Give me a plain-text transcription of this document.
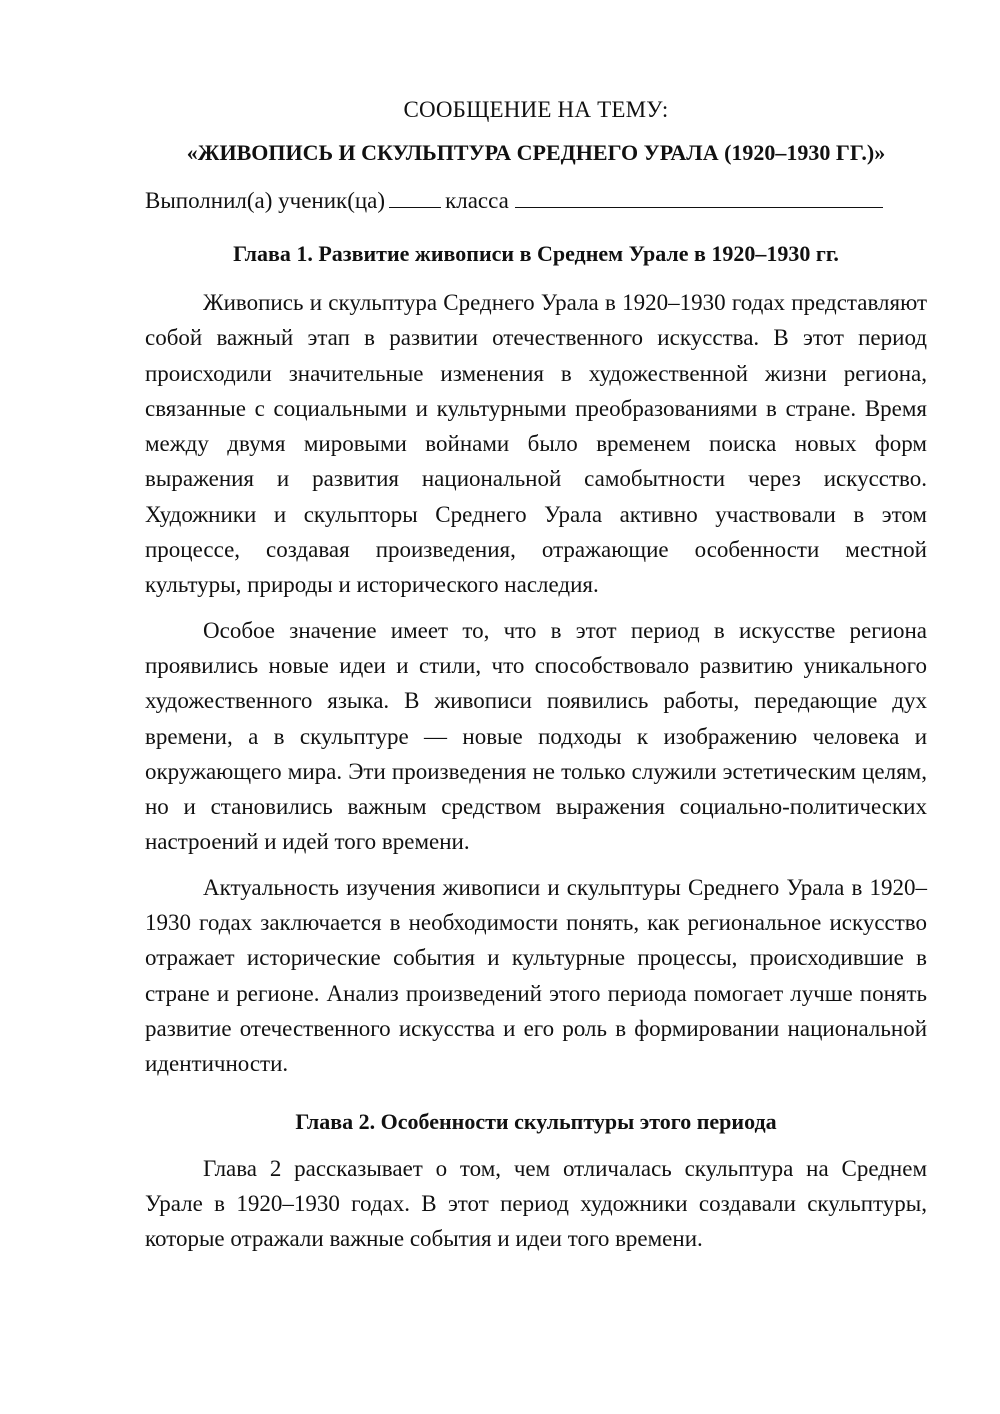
СООБЩЕНИЕ НА ТЕМУ:

«ЖИВОПИСЬ И СКУЛЬПТУРА СРЕДНЕГО УРАЛА (1920–1930 ГГ.)»

Выполнил(а) ученик(ца)	класса

Глава 1. Развитие живописи в Среднем Урале в 1920–1930 гг.

Живопись и скульптура Среднего Урала в 1920–1930 годах представляют собой важный этап в развитии отечественного искусства. В этот период происходили значительные изменения в художественной жизни региона, связанные с социальными и культурными преобразованиями в стране. Время между двумя мировыми войнами было временем поиска новых форм выражения и развития национальной самобытности через искусство. Художники и скульпторы Среднего Урала активно участвовали в этом процессе, создавая произведения, отражающие особенности местной культуры, природы и исторического наследия.

Особое значение имеет то, что в этот период в искусстве региона проявились новые идеи и стили, что способствовало развитию уникального художественного языка. В живописи появились работы, передающие дух времени, а в скульптуре — новые подходы к изображению человека и окружающего мира. Эти произведения не только служили эстетическим целям, но и становились важным средством выражения социально-политических настроений и идей того времени.

Актуальность изучения живописи и скульптуры Среднего Урала в 1920–1930 годах заключается в необходимости понять, как региональное искусство отражает исторические события и культурные процессы, происходившие в стране и регионе. Анализ произведений этого периода помогает лучше понять развитие отечественного искусства и его роль в формировании национальной идентичности.

Глава 2. Особенности скульптуры этого периода

Глава 2 рассказывает о том, чем отличалась скульптура на Среднем Урале в 1920–1930 годах. В этот период художники создавали скульптуры, которые отражали важные события и идеи того времени.
